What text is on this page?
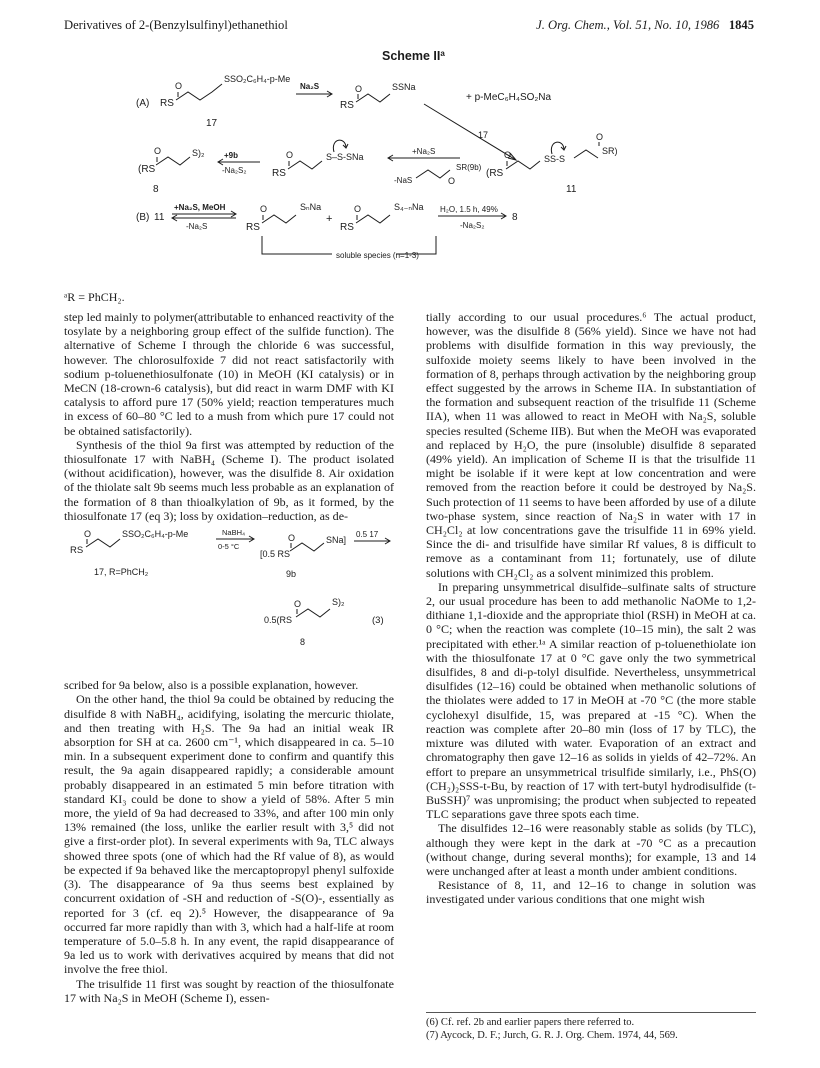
Derivatives of 2-(Benzylsulfinyl)ethanethiol	J. Org. Chem., Vol. 51, No. 10, 1986 1845
Scheme $II^a$
(A) RS
O
SSO₂C₆H₄-p-Me
17
Na₂S
RS
O	SSNa
+ p-MeC₆H₄SO₂Na
17
(RS
O	S)₂
8
+9b
-Na₂S₂	RS
O	S–S-SNa
+Na₂S
-NaS
SR(9b)
O
(RS
O	SS-S
O
SR)
11
(B) 11
+Na₂S, MeOH
-Na₂S	RS
O	SₙNa
+
RS
O	S₄₋ₙNa H₂O, 1.5 h, 49%
-Na₂S₂
8
soluble species (n=1-3)
ᵃR = PhCH₂.

step led mainly to polymer(attributable to enhanced reactivity of the tosylate by a neighboring group effect of the sulfide function). The alternative of Scheme I through the chloride 6 was successful, however. The chlorosulfoxide 7 did not react satisfactorily with sodium p-toluenethiosulfonate (10) in MeOH (KI catalysis) or in MeCN (18-crown-6 catalysis), but did react in warm DMF with KI catalysis to afford pure 17 (50% yield; reaction temperatures much in excess of 60–80 °C led to a mush from which pure 17 could not be obtained satisfactorily).

Synthesis of the thiol 9a first was attempted by reduction of the thiosulfonate 17 with NaBH₄ (Scheme I). The product isolated (without acidification), however, was the disulfide 8. Air oxidation of the thiolate salt 9b seems much less probable as an explanation of the formation of 8 than thioalkylation of 9b, as it formed, by the thiosulfonate 17 (eq 3); loss by oxidation–reduction, as de-

RS
O	SSO₂C₆H₄-p-Me	NaBH₄
0-5 °C
[0.5 RS
O	SNa]
0.5 17
17, R=PhCH₂	9b
0.5(RS
O	S)₂
(3)
8

scribed for 9a below, also is a possible explanation, however.

On the other hand, the thiol 9a could be obtained by reducing the disulfide 8 with NaBH₄, acidifying, isolating the mercuric thiolate, and then treating with H₂S. The 9a had an initial weak IR absorption for SH at ca. 2600 cm⁻¹, which disappeared in ca. 5–10 min. In a subsequent experiment done to confirm and quantify this result, the 9a again disappeared rapidly; a considerable amount probably disappeared in an estimated 5 min before titration with standard KI₃ could be done to show a yield of 58%. After 5 min more, the yield of 9a had decreased to 33%, and after 100 min only 13% remained (the loss, unlike the earlier result with 3,⁵ did not give a first-order plot). In several experiments with 9a, TLC always showed three spots (one of which had the Rf value of 8), as would be expected if 9a behaved like the mercaptopropyl phenyl sulfoxide (3). The disappearance of 9a thus seems best explained by concurrent oxidation of -SH and reduction of -S(O)-, essentially as reported for 3 (cf. eq 2).⁵ However, the disappearance of 9a occurred far more rapidly than with 3, which had a half-life at room temperature of 5.0–5.8 h. In any event, the rapid disappearance of 9a led us to work with derivatives acquired by means that did not involve the free thiol.

The trisulfide 11 first was sought by reaction of the thiosulfonate 17 with Na₂S in MeOH (Scheme I), essen-

tially according to our usual procedures.⁶ The actual product, however, was the disulfide 8 (56% yield). Since we have not had problems with disulfide formation in this way previously, the sulfoxide moiety seems likely to have been involved in the formation of 8, perhaps through activation by the neighboring group effect suggested by the arrows in Scheme IIA. In substantiation of the formation and subsequent reaction of the trisulfide 11 (Scheme IIA), when 11 was allowed to react in MeOH with Na₂S, soluble species resulted (Scheme IIB). But when the MeOH was evaporated and replaced by H₂O, the pure (insoluble) disulfide 8 separated (49% yield). An implication of Scheme II is that the trisulfide 11 might be isolable if it were kept at low concentration and were removed from the reaction before it could be destroyed by Na₂S. Such protection of 11 seems to have been afforded by use of a dilute two-phase system, since reaction of Na₂S in water with 17 in CH₂Cl₂ at low concentrations gave the trisulfide 11 in 69% yield. Since the di- and trisulfide have similar Rf values, 8 is difficult to remove as a contaminant from 11; fortunately, use of dilute solutions with CH₂Cl₂ as a solvent minimized this problem.

In preparing unsymmetrical disulfide–sulfinate salts of structure 2, our usual procedure has been to add methanolic NaOMe to 1,2-dithiane 1,1-dioxide and the appropriate thiol (RSH) in MeOH at ca. 0 °C; when the reaction was complete (10–15 min), the salt 2 was precipitated with ether.¹ᵃ A similar reaction of p-toluenethiolate ion with the thiosulfonate 17 at 0 °C gave only the two symmetrical disulfides, 8 and di-p-tolyl disulfide. Nevertheless, unsymmetrical disulfides (12–16) could be obtained when methanolic solutions of the thiolates were added to 17 in MeOH at -70 °C (the more stable cyclohexyl disulfide, 15, was prepared at -15 °C). When the reaction was complete after 20–80 min (loss of 17 by TLC), the mixture was diluted with water. Evaporation of an extract and chromatography then gave 12–16 as solids in yields of 42–72%. An effort to prepare an unsymmetrical trisulfide similarly, i.e., PhS(O)(CH₂)₂SSS-t-Bu, by reaction of 17 with tert-butyl hydrodisulfide (t-BuSSH)⁷ was unpromising; the product when subjected to repeated TLC separations gave three spots each time.

The disulfides 12–16 were reasonably stable as solids (by TLC), although they were kept in the dark at -70 °C as a precaution (without change, during several months); for example, 13 and 14 were unchanged after at least a month under ambient conditions.

Resistance of 8, 11, and 12–16 to change in solution was investigated under various conditions that one might wish

(6) Cf. ref. 2b and earlier papers there referred to.
(7) Aycock, D. F.; Jurch, G. R. J. Org. Chem. 1974, 44, 569.
